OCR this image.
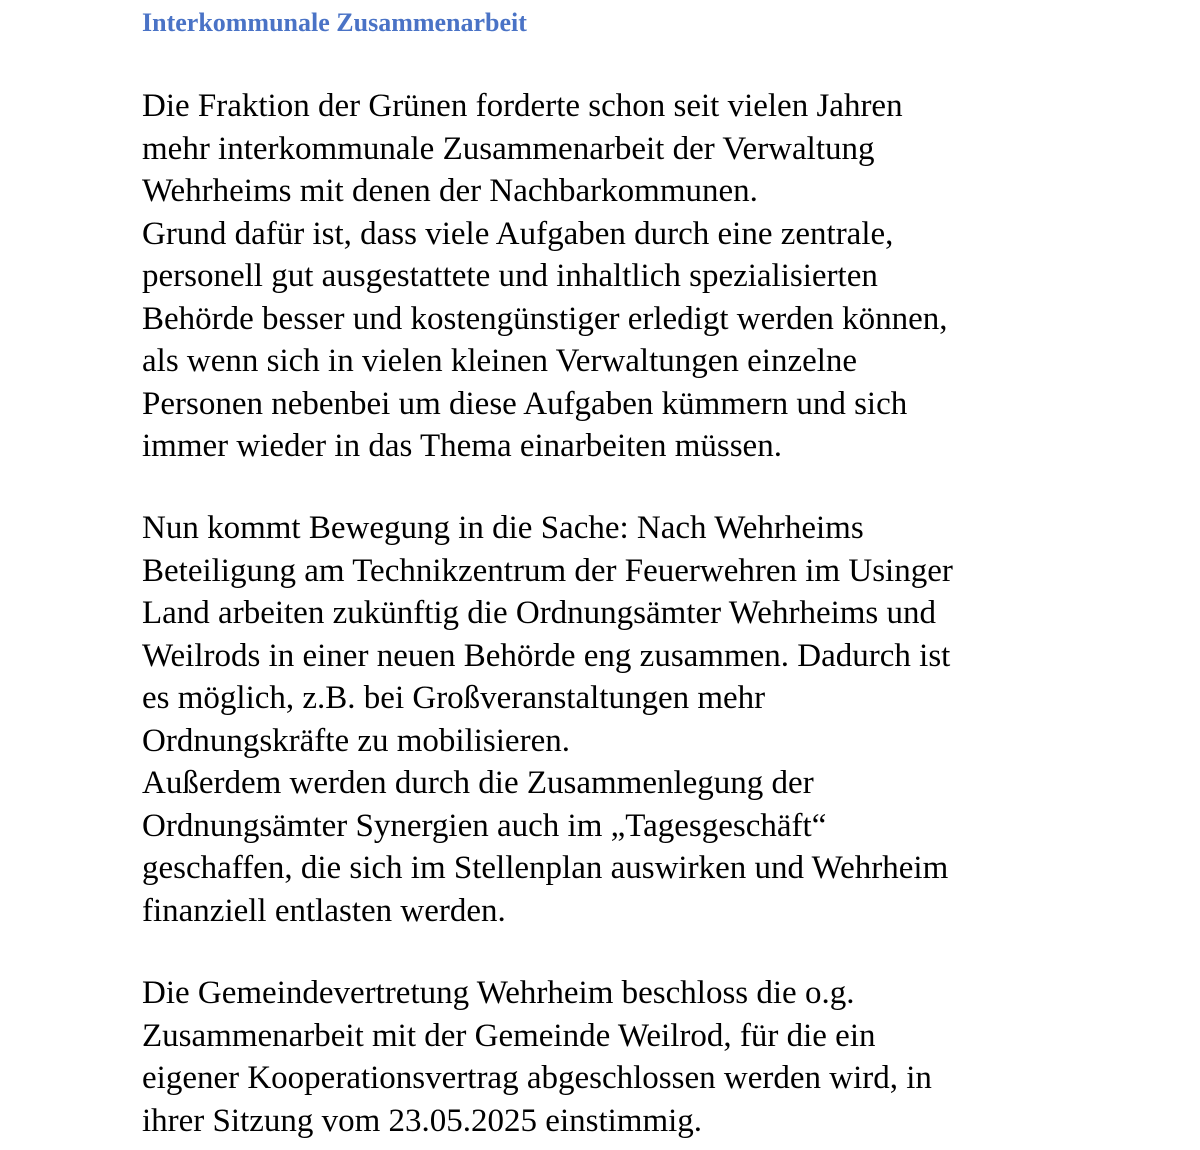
Interkommunale Zusammenarbeit

Die Fraktion der Grünen forderte schon seit vielen Jahren
mehr interkommunale Zusammenarbeit der Verwaltung
Wehrheims mit denen der Nachbarkommunen.
Grund dafür ist, dass viele Aufgaben durch eine zentrale,
personell gut ausgestattete und inhaltlich spezialisierten
Behörde besser und kostengünstiger erledigt werden können,
als wenn sich in vielen kleinen Verwaltungen einzelne
Personen nebenbei um diese Aufgaben kümmern und sich
immer wieder in das Thema einarbeiten müssen.

Nun kommt Bewegung in die Sache: Nach Wehrheims
Beteiligung am Technikzentrum der Feuerwehren im Usinger
Land arbeiten zukünftig die Ordnungsämter Wehrheims und
Weilrods in einer neuen Behörde eng zusammen. Dadurch ist
es möglich, z.B. bei Großveranstaltungen mehr
Ordnungskräfte zu mobilisieren.
Außerdem werden durch die Zusammenlegung der
Ordnungsämter Synergien auch im „Tagesgeschäft“
geschaffen, die sich im Stellenplan auswirken und Wehrheim
finanziell entlasten werden.

Die Gemeindevertretung Wehrheim beschloss die o.g.
Zusammenarbeit mit der Gemeinde Weilrod, für die ein
eigener Kooperationsvertrag abgeschlossen werden wird, in
ihrer Sitzung vom 23.05.2025 einstimmig.
